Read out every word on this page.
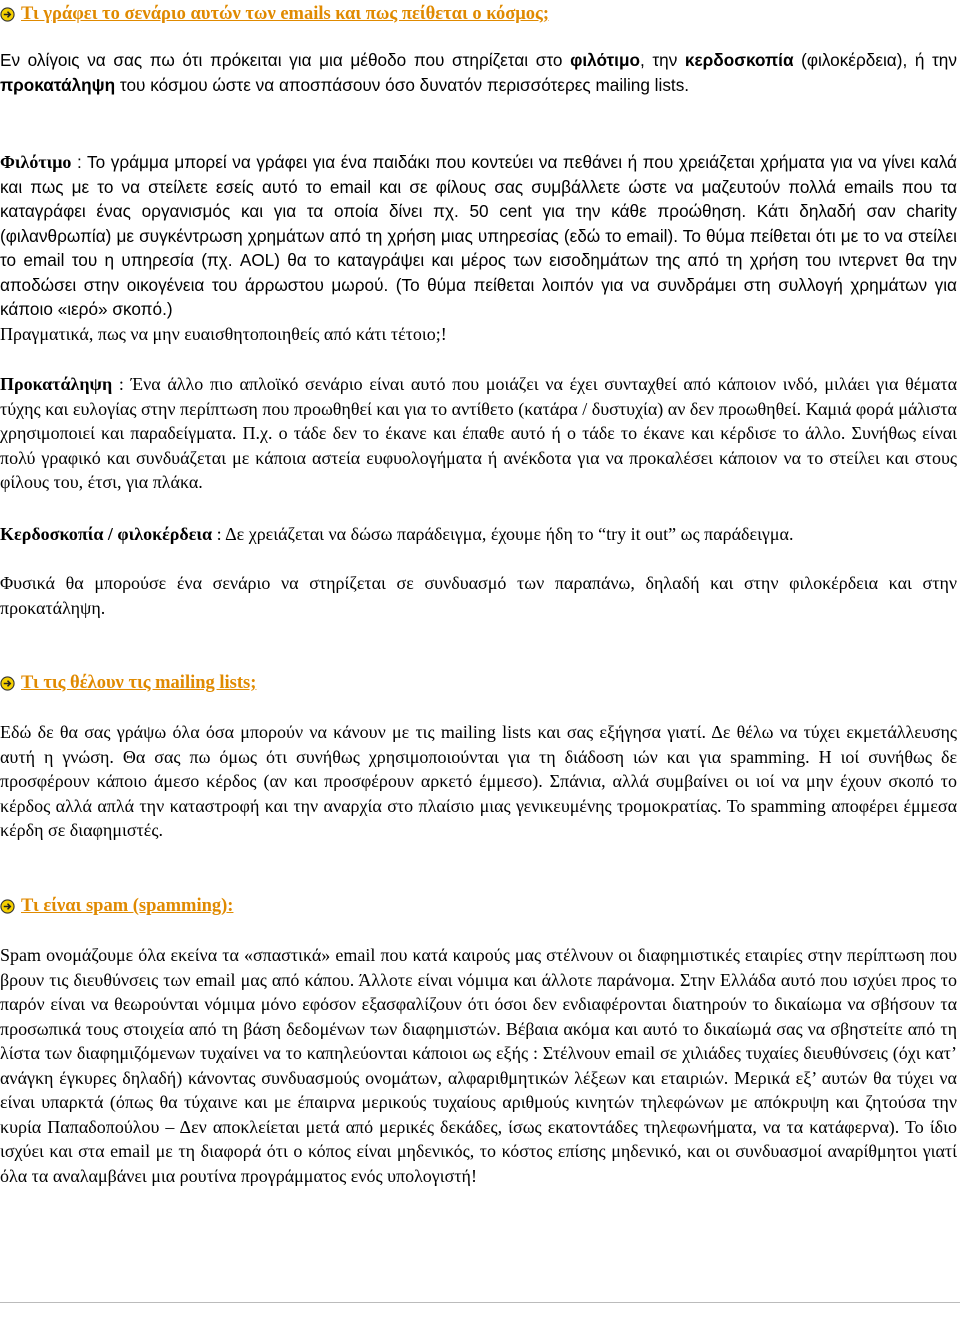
Τι γράφει το σενάριο αυτών των emails και πως πείθεται ο κόσμος;

Εν ολίγοις να σας πω ότι πρόκειται για μια μέθοδο που στηρίζεται στο φιλότιμο, την κερδοσκοπία (φιλοκέρδεια), ή την προκατάληψη του κόσμου ώστε να αποσπάσουν όσο δυνατόν περισσότερες mailing lists.

Φιλότιμο : Το γράμμα μπορεί να γράφει για ένα παιδάκι που κοντεύει να πεθάνει ή που χρειάζεται χρήματα για να γίνει καλά και πως με το να στείλετε εσείς αυτό το email και σε φίλους σας συμβάλλετε ώστε να μαζευτούν πολλά emails που τα καταγράφει ένας οργανισμός και για τα οποία δίνει πχ. 50 cent για την κάθε προώθηση. Κάτι δηλαδή σαν charity (φιλανθρωπία) με συγκέντρωση χρημάτων από τη χρήση μιας υπηρεσίας (εδώ το email). Το θύμα πείθεται ότι με το να στείλει το email του η υπηρεσία (πχ. AOL) θα το καταγράψει και μέρος των εισοδημάτων της από τη χρήση του ιντερνετ θα την αποδώσει στην οικογένεια του άρρωστου μωρού. (Το θύμα πείθεται λοιπόν για να συνδράμει στη συλλογή χρημάτων για κάποιο «ιερό» σκοπό.)
Πραγματικά, πως να μην ευαισθητοποιηθείς από κάτι τέτοιο;!

Προκατάληψη : Ένα άλλο πιο απλοϊκό σενάριο είναι αυτό που μοιάζει να έχει συνταχθεί από κάποιον ινδό, μιλάει για θέματα τύχης και ευλογίας στην περίπτωση που προωθηθεί και για το αντίθετο (κατάρα / δυστυχία) αν δεν προωθηθεί. Καμιά φορά μάλιστα χρησιμοποιεί και παραδείγματα. Π.χ. ο τάδε δεν το έκανε και έπαθε αυτό ή ο τάδε το έκανε και κέρδισε το άλλο. Συνήθως είναι πολύ γραφικό και συνδυάζεται με κάποια αστεία ευφυολογήματα ή ανέκδοτα για να προκαλέσει κάποιον να το στείλει και στους φίλους του, έτσι, για πλάκα.

Κερδοσκοπία / φιλοκέρδεια : Δε χρειάζεται να δώσω παράδειγμα, έχουμε ήδη το “try it out” ως παράδειγμα.

Φυσικά θα μπορούσε ένα σενάριο να στηρίζεται σε συνδυασμό των παραπάνω, δηλαδή και στην φιλοκέρδεια και στην προκατάληψη.

Τι τις θέλουν τις mailing lists;

Εδώ δε θα σας γράψω όλα όσα μπορούν να κάνουν με τις mailing lists και σας εξήγησα γιατί. Δε θέλω να τύχει εκμετάλλευσης αυτή η γνώση. Θα σας πω όμως ότι συνήθως χρησιμοποιούνται για τη διάδοση ιών και για spamming. Η ιοί συνήθως δε προσφέρουν κάποιο άμεσο κέρδος (αν και προσφέρουν αρκετό έμμεσο). Σπάνια, αλλά συμβαίνει οι ιοί να μην έχουν σκοπό το κέρδος αλλά απλά την καταστροφή και την αναρχία στο πλαίσιο μιας γενικευμένης τρομοκρατίας. Το spamming αποφέρει έμμεσα κέρδη σε διαφημιστές.

Τι είναι spam (spamming):

Spam ονομάζουμε όλα εκείνα τα «σπαστικά» email που κατά καιρούς μας στέλνουν οι διαφημιστικές εταιρίες στην περίπτωση που βρουν τις διευθύνσεις των email μας από κάπου. Άλλοτε είναι νόμιμα και άλλοτε παράνομα. Στην Ελλάδα αυτό που ισχύει προς το παρόν είναι να θεωρούνται νόμιμα μόνο εφόσον εξασφαλίζουν ότι όσοι δεν ενδιαφέρονται διατηρούν το δικαίωμα να σβήσουν τα προσωπικά τους στοιχεία από τη βάση δεδομένων των διαφημιστών. Βέβαια ακόμα και αυτό το δικαίωμά σας να σβηστείτε από τη λίστα των διαφημιζόμενων τυχαίνει να το καπηλεύονται κάποιοι ως εξής : Στέλνουν email σε χιλιάδες τυχαίες διευθύνσεις (όχι κατ’ ανάγκη έγκυρες δηλαδή) κάνοντας συνδυασμούς ονομάτων, αλφαριθμητικών λέξεων και εταιριών. Μερικά εξ’ αυτών θα τύχει να είναι υπαρκτά (όπως θα τύχαινε και με έπαιρνα μερικούς τυχαίους αριθμούς κινητών τηλεφώνων με απόκρυψη και ζητούσα την κυρία Παπαδοπούλου – Δεν αποκλείεται μετά από μερικές δεκάδες, ίσως εκατοντάδες τηλεφωνήματα, να τα κατάφερνα). Το ίδιο ισχύει και στα email με τη διαφορά ότι ο κόπος είναι μηδενικός, το κόστος επίσης μηδενικό, και οι συνδυασμοί αναρίθμητοι γιατί όλα τα αναλαμβάνει μια ρουτίνα προγράμματος ενός υπολογιστή!
